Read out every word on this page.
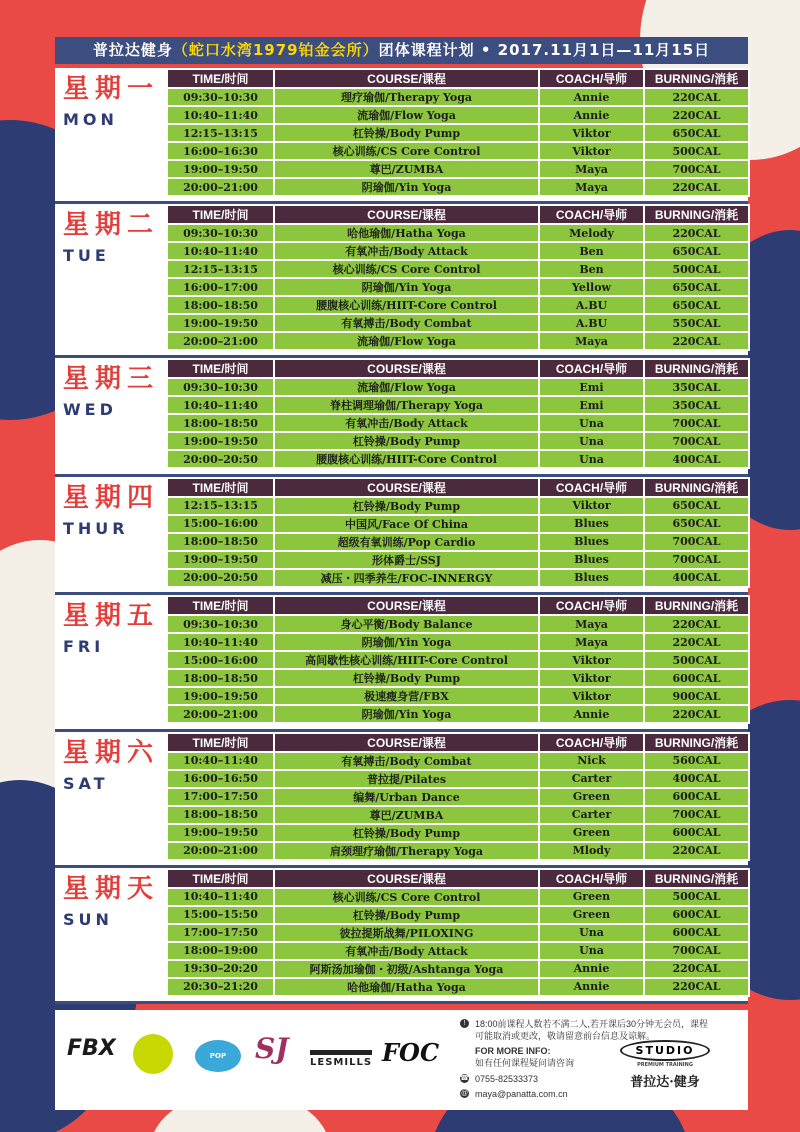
普拉达健身（蛇口水湾1979铂金会所）团体课程计划 • 2017.11月1日—11月15日
星期一
MON
TIME/时间	COURSE/课程	COACH/导师	BURNING/消耗
09:30–10:30	理疗瑜伽/Therapy Yoga	Annie	220CAL
10:40–11:40	流瑜伽/Flow Yoga	Annie	220CAL
12:15–13:15	杠铃操/Body Pump	Viktor	650CAL
16:00–16:30	核心训练/CS Core Control	Viktor	500CAL
19:00–19:50	尊巴/ZUMBA	Maya	700CAL
20:00–21:00	阴瑜伽/Yin Yoga	Maya	220CAL
星期二
TUE
TIME/时间	COURSE/课程	COACH/导师	BURNING/消耗
09:30–10:30	哈他瑜伽/Hatha Yoga	Melody	220CAL
10:40–11:40	有氧冲击/Body Attack	Ben	650CAL
12:15–13:15	核心训练/CS Core Control	Ben	500CAL
16:00–17:00	阴瑜伽/Yin Yoga	Yellow	650CAL
18:00–18:50	腰腹核心训练/HIIT-Core Control	A.BU	650CAL
19:00–19:50	有氧搏击/Body Combat	A.BU	550CAL
20:00–21:00	流瑜伽/Flow Yoga	Maya	220CAL
星期三
WED
TIME/时间	COURSE/课程	COACH/导师	BURNING/消耗
09:30–10:30	流瑜伽/Flow Yoga	Emi	350CAL
10:40–11:40	脊柱调理瑜伽/Therapy Yoga	Emi	350CAL
18:00–18:50	有氧冲击/Body Attack	Una	700CAL
19:00–19:50	杠铃操/Body Pump	Una	700CAL
20:00–20:50	腰腹核心训练/HIIT-Core Control	Una	400CAL
星期四
THUR
TIME/时间	COURSE/课程	COACH/导师	BURNING/消耗
12:15–13:15	杠铃操/Body Pump	Viktor	650CAL
15:00–16:00	中国风/Face Of China	Blues	650CAL
18:00–18:50	超级有氧训练/Pop Cardio	Blues	700CAL
19:00–19:50	形体爵士/SSJ	Blues	700CAL
20:00–20:50	减压・四季养生/FOC-INNERGY	Blues	400CAL
星期五
FRI
TIME/时间	COURSE/课程	COACH/导师	BURNING/消耗
09:30–10:30	身心平衡/Body Balance	Maya	220CAL
10:40–11:40	阴瑜伽/Yin Yoga	Maya	220CAL
15:00–16:00	高间歇性核心训练/HIIT-Core Control	Viktor	500CAL
18:00–18:50	杠铃操/Body Pump	Viktor	600CAL
19:00–19:50	极速瘦身营/FBX	Viktor	900CAL
20:00–21:00	阴瑜伽/Yin Yoga	Annie	220CAL
星期六
SAT
TIME/时间	COURSE/课程	COACH/导师	BURNING/消耗
10:40–11:40	有氧搏击/Body Combat	Nick	560CAL
16:00–16:50	普拉提/Pilates	Carter	400CAL
17:00–17:50	编舞/Urban Dance	Green	600CAL
18:00–18:50	尊巴/ZUMBA	Carter	700CAL
19:00–19:50	杠铃操/Body Pump	Green	600CAL
20:00–21:00	肩颈理疗瑜伽/Therapy Yoga	Mlody	220CAL
星期天
SUN
TIME/时间	COURSE/课程	COACH/导师	BURNING/消耗
10:40–11:40	核心训练/CS Core Control	Green	500CAL
15:00–15:50	杠铃操/Body Pump	Green	600CAL
17:00–17:50	彼拉提斯战舞/PILOXING	Una	600CAL
18:00–19:00	有氧冲击/Body Attack	Una	700CAL
19:30–20:20	阿斯汤加瑜伽・初级/Ashtanga Yoga	Annie	220CAL
20:30–21:20	哈他瑜伽/Hatha Yoga	Annie	220CAL
FBX	POP CARDIO
SJ LESMILLS FOC
!	18:00前课程人数若不满二人,若开课后30分钟无会员，课程可能取消或更改，敬请留意前台信息及谅解。
FOR MORE INFO:
如有任何课程疑问请咨询
☎ 0755-82533373
@ maya@panatta.com.cn
STUDIO
PREMIUM TRAINING
普拉达·健身
